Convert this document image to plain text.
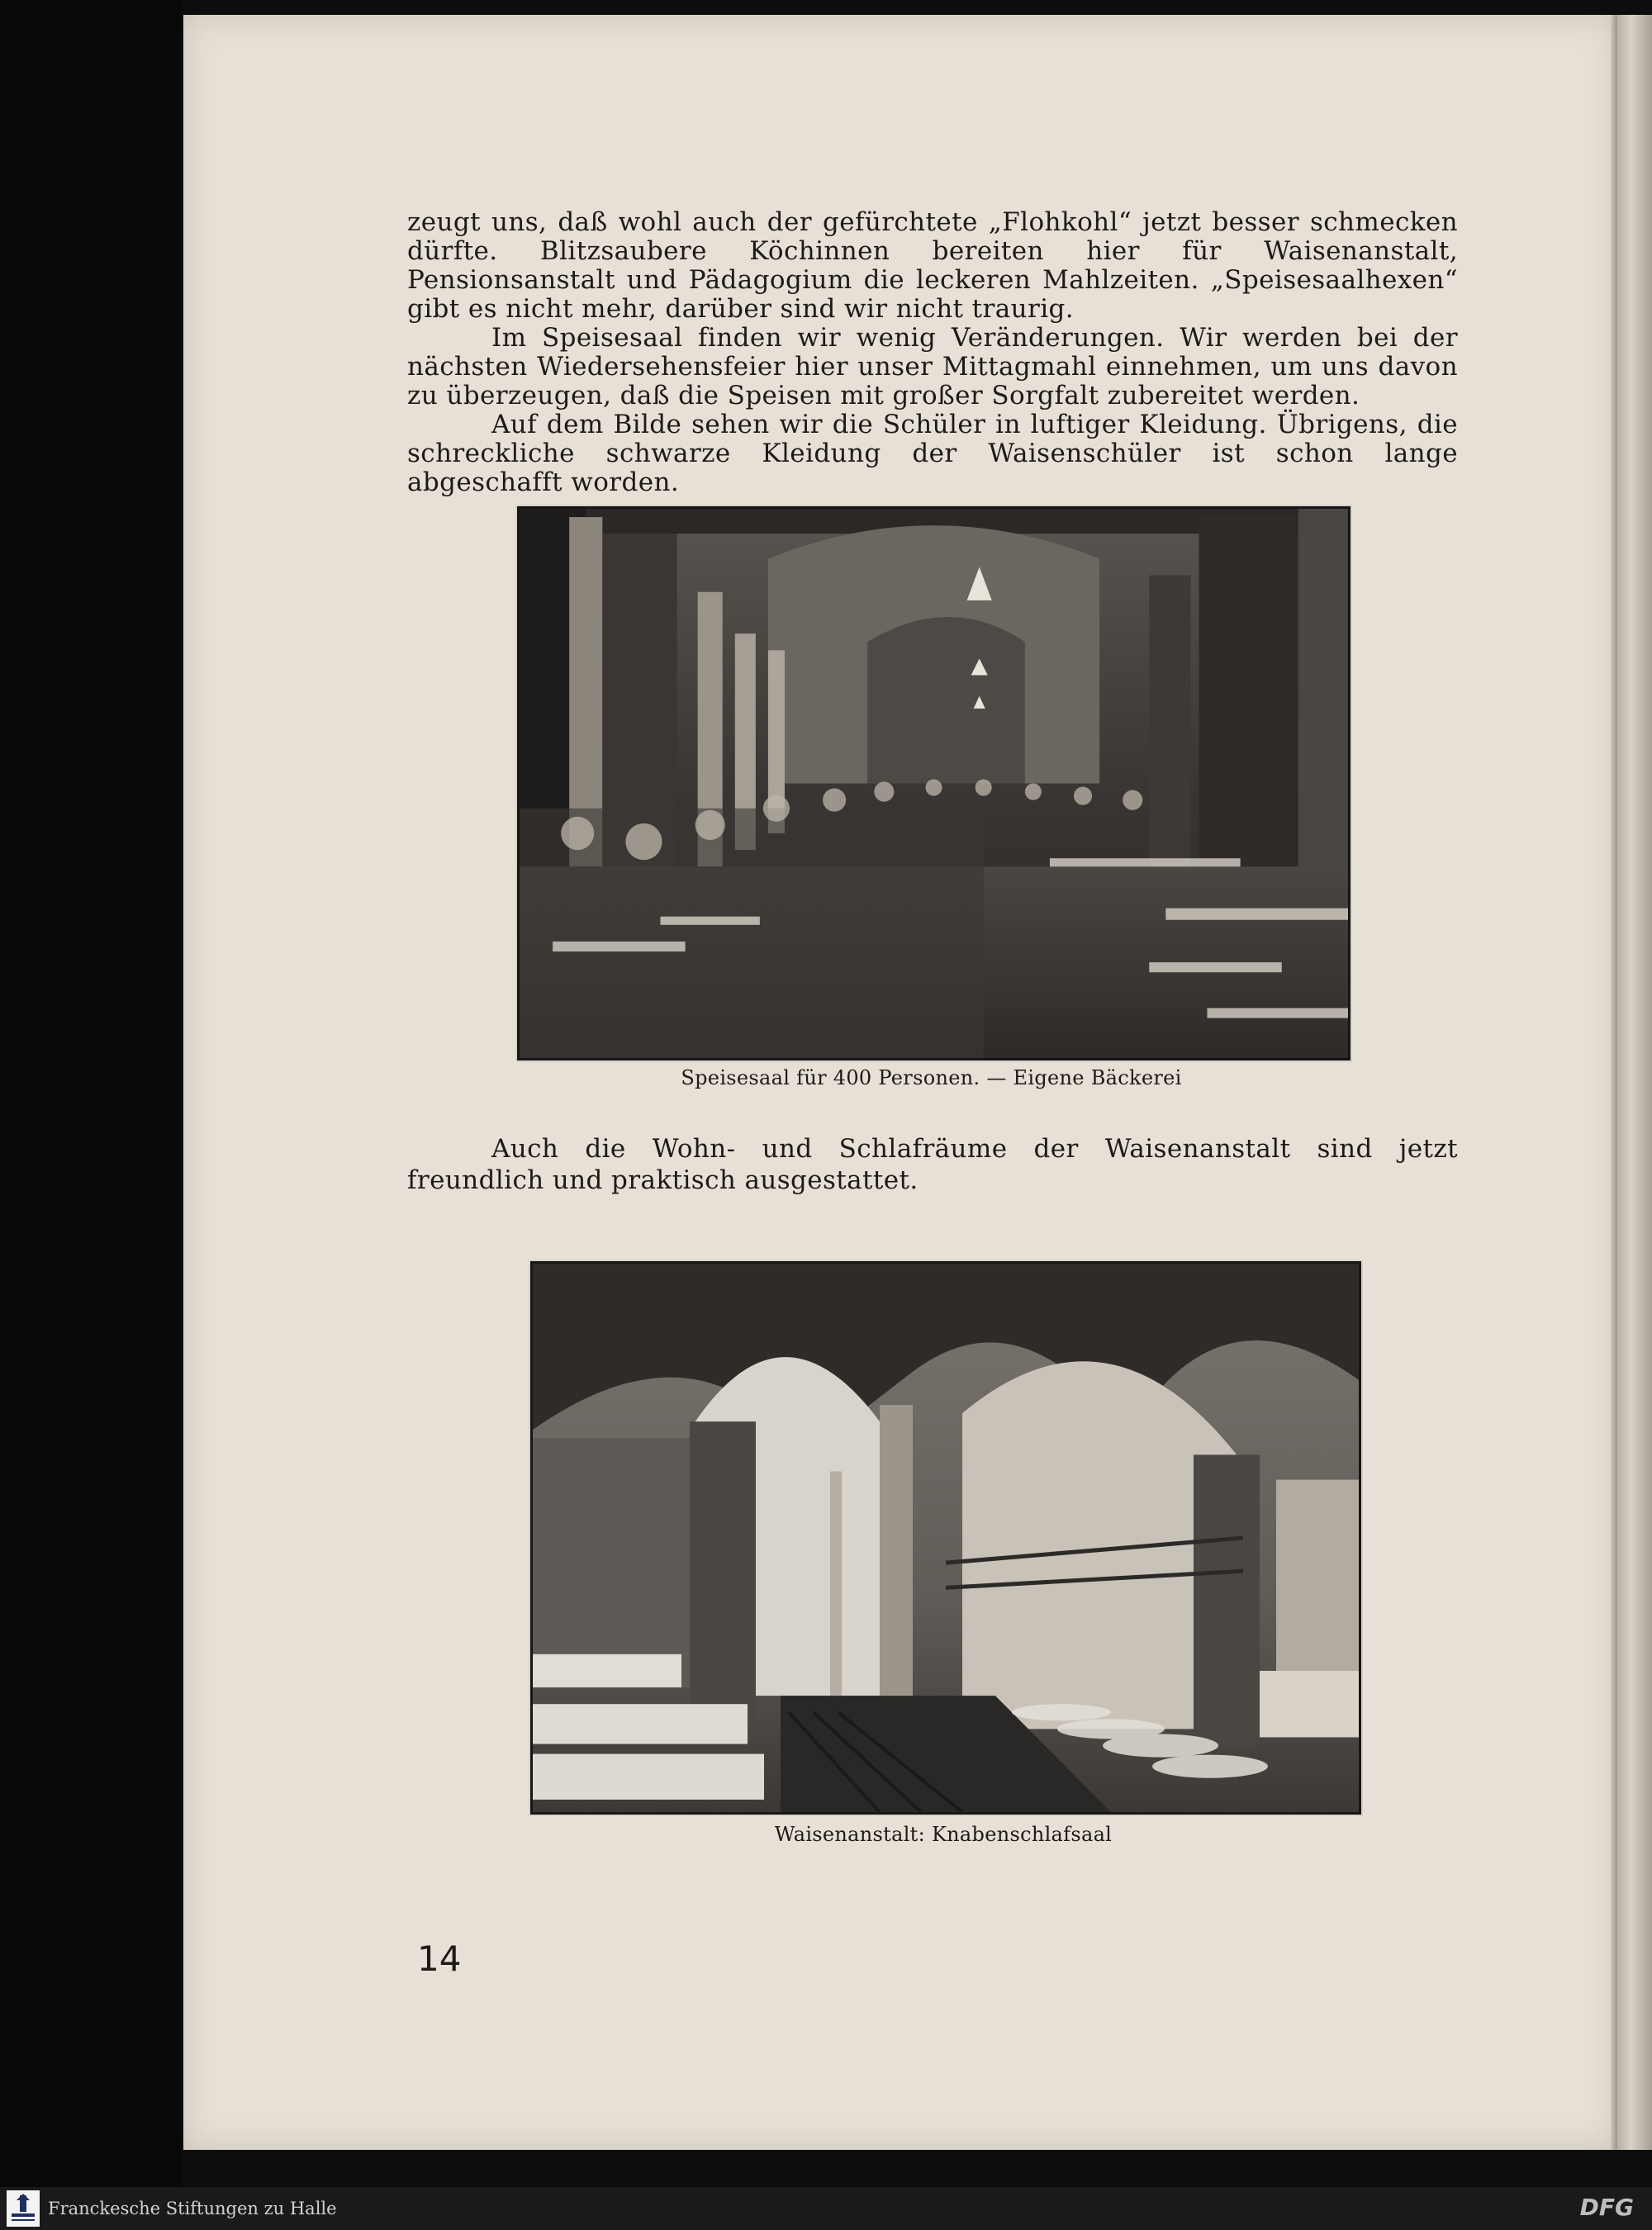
zeugt uns, daß wohl auch der gefürchtete „Flohkohl“ jetzt besser schmecken dürfte. Blitzsaubere Köchinnen bereiten hier für Waisenanstalt, Pensionsanstalt und Pädagogium die leckeren Mahlzeiten. „Speisesaalhexen“ gibt es nicht mehr, darüber sind wir nicht traurig.

Im Speisesaal finden wir wenig Veränderungen. Wir werden bei der nächsten Wiedersehensfeier hier unser Mittagmahl einnehmen, um uns davon zu überzeugen, daß die Speisen mit großer Sorgfalt zubereitet werden.

Auf dem Bilde sehen wir die Schüler in luftiger Kleidung. Übrigens, die schreckliche schwarze Kleidung der Waisenschüler ist schon lange abgeschafft worden.

Speisesaal für 400 Personen. — Eigene Bäckerei

Auch die Wohn- und Schlafräume der Waisenanstalt sind jetzt freundlich und praktisch ausgestattet.

Waisenanstalt: Knabenschlafsaal
14
Franckesche Stiftungen zu Halle	DFG
